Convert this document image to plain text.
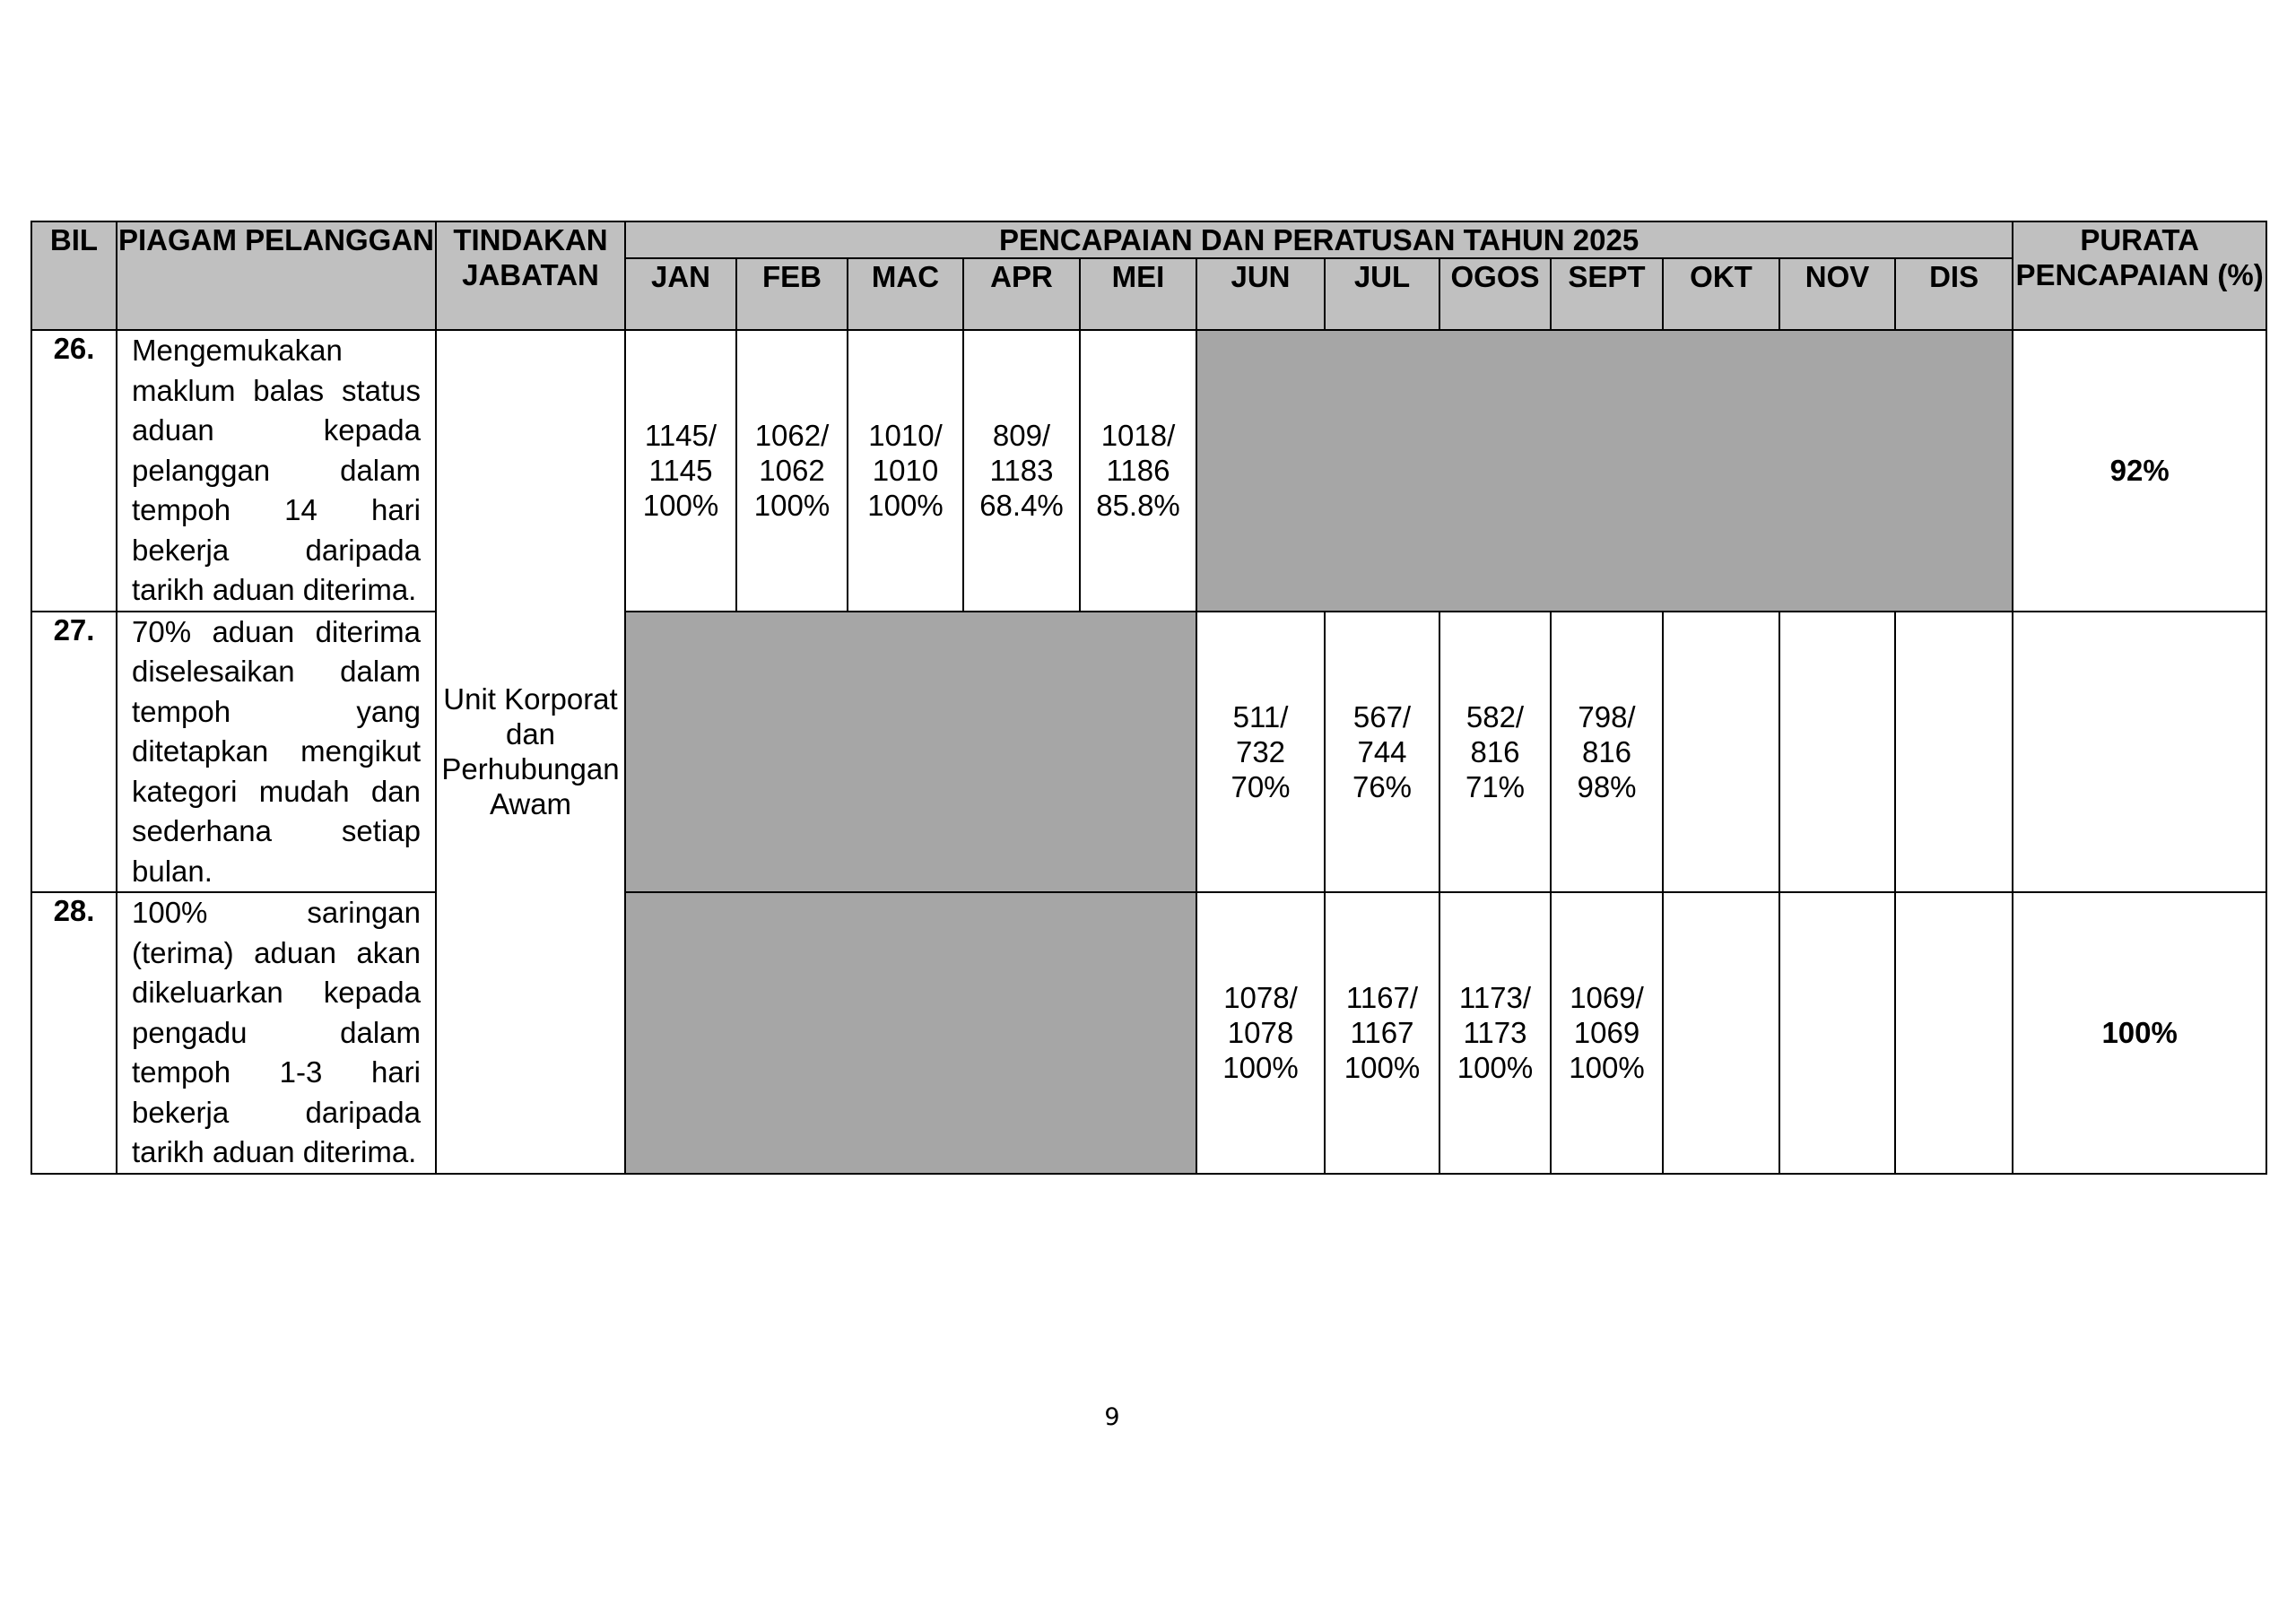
BIL	PIAGAM PELANGGAN	TINDAKAN JABATAN	PENCAPAIAN DAN PERATUSAN TAHUN 2025												PURATA PENCAPAIAN (%)
			JAN	FEB	MAC	APR	MEI	JUN	JUL	OGOS	SEPT	OKT	NOV	DIS	
26.	Mengemukakan maklum balas status aduan kepada pelanggan dalam tempoh 14 hari bekerja daripada tarikh aduan diterima.	Unit Korporat dan Perhubungan Awam	1145/
1145
100%	1062/
1062
100%	1010/
1010
100%	809/
1183
68.4%	1018/
1186
85.8%								92%
27.	70% aduan diterima diselesaikan dalam tempoh yang ditetapkan mengikut kategori mudah dan sederhana setiap bulan.							511/
732
70%	567/
744
76%	582/
816
71%	798/
816
98%				
28.	100% saringan (terima) aduan akan dikeluarkan kepada pengadu dalam tempoh 1-3 hari bekerja daripada tarikh aduan diterima.							1078/
1078
100%	1167/
1167
100%	1173/
1173
100%	1069/
1069
100%				100%
9
